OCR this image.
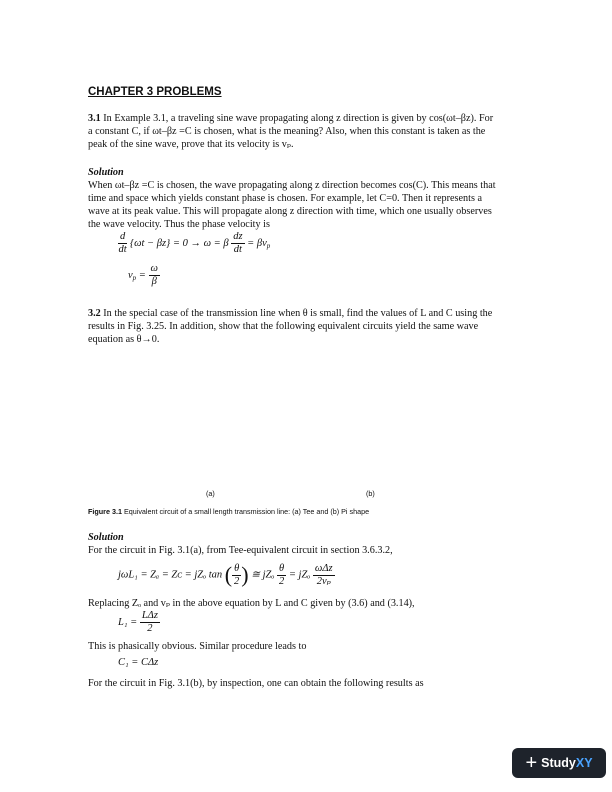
CHAPTER 3 PROBLEMS
3.1 In Example 3.1, a traveling sine wave propagating along z direction is given by cos(ωt–βz). For
a constant C, if ωt–βz =C is chosen, what is the meaning? Also, when this constant is taken as the
peak of the sine wave, prove that its velocity is vₚ.
Solution
When ωt–βz =C is chosen, the wave propagating along z direction becomes cos(C). This means that
time and space which yields constant phase is chosen. For example, let C=0. Then it represents a
wave at its peak value. This will propagate along z direction with time, which one usually observes
the wave velocity. Thus the phase velocity is
$\frac{d}{dt} \{\omega t - \beta z\} = 0 \to \omega = \beta \frac{dz}{dt} = \beta v_p$
$v_p = \frac{\omega}{\beta}$
3.2 In the special case of the transmission line when θ is small, find the values of L and C using the
results in Fig. 3.25. In addition, show that the following equivalent circuits yield the same wave
equation as θ→0.
(a)	(b)
Figure 3.1 Equivalent circuit of a small length transmission line: (a) Tee and (b) Pi shape
Solution
For the circuit in Fig. 3.1(a), from Tee-equivalent circuit in section 3.6.3.2,
jωL₁ = Zₐ = Zᴄ = jZₒ tan ( $\frac{\theta}{2}$ ) ≅ jZₒ $\frac{\theta}{2} = jZ_o \frac{\text{ωΔz}}{\text{2vₚ}}$
Replacing Zₒ and vₚ in the above equation by L and C given by (3.6) and (3.14),
$L_1 = \frac{\text{LΔz}}{2}$
This is phasically obvious. Similar procedure leads to
C₁ = CΔz
For the circuit in Fig. 3.1(b), by inspection, one can obtain the following results as
+ StudyXY
